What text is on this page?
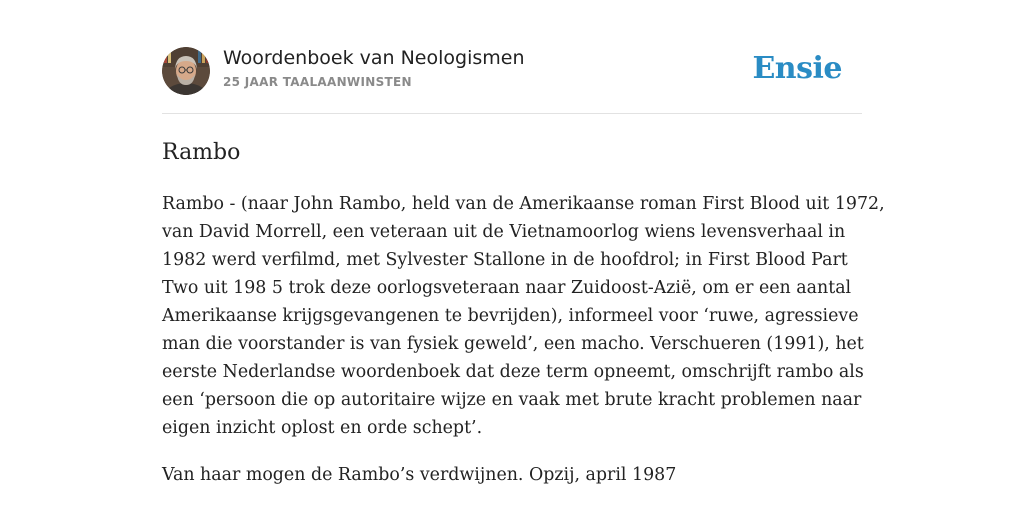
Woordenboek van Neologismen
25 JAAR TAALAANWINSTEN	Ensie
Rambo

Rambo - (naar John Rambo, held van de Amerikaanse roman First Blood uit 1972,
van David Morrell, een veteraan uit de Vietnamoorlog wiens levensverhaal in
1982 werd verfilmd, met Sylvester Stallone in de hoofdrol; in First Blood Part
Two uit 198 5 trok deze oorlogsveteraan naar Zuidoost-Azië, om er een aantal
Amerikaanse krijgsgevangenen te bevrijden), informeel voor ‘ruwe, agressieve
man die voorstander is van fysiek geweld’, een macho. Verschueren (1991), het
eerste Nederlandse woordenboek dat deze term opneemt, omschrijft rambo als
een ‘persoon die op autoritaire wijze en vaak met brute kracht problemen naar
eigen inzicht oplost en orde schept’.

Van haar mogen de Rambo’s verdwijnen. Opzij, april 1987
